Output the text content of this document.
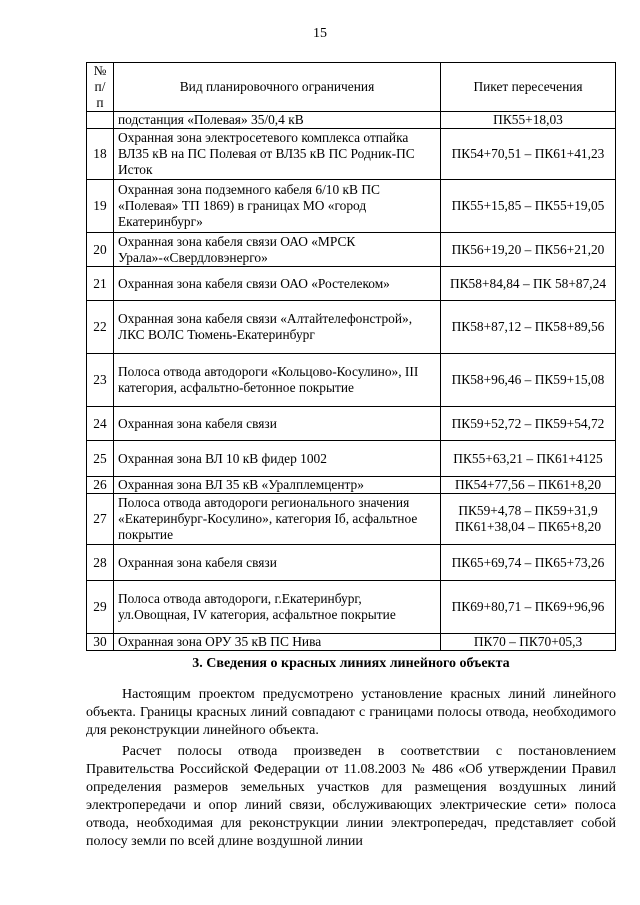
15
№ п/п	Вид планировочного ограничения	Пикет пересечения
	подстанция «Полевая» 35/0,4 кВ	ПК55+18,03
18	Охранная зона электросетевого комплекса отпайка ВЛ35 кВ на ПС Полевая от ВЛ35 кВ ПС Родник-ПС Исток	ПК54+70,51 – ПК61+41,23
19	Охранная зона подземного кабеля 6/10 кВ ПС «Полевая» ТП 1869) в границах МО «город Екатеринбург»	ПК55+15,85 – ПК55+19,05
20	Охранная зона кабеля связи ОАО «МРСК Урала»-«Свердловэнерго»	ПК56+19,20 – ПК56+21,20
21	Охранная зона кабеля связи ОАО «Ростелеком»	ПК58+84,84 – ПК 58+87,24
22	Охранная зона кабеля связи «Алтайтелефонстрой», ЛКС ВОЛС Тюмень-Екатеринбург	ПК58+87,12 – ПК58+89,56
23	Полоса отвода автодороги «Кольцово-Косулино», III категория, асфальтно-бетонное покрытие	ПК58+96,46 – ПК59+15,08
24	Охранная зона кабеля связи	ПК59+52,72 – ПК59+54,72
25	Охранная зона ВЛ 10 кВ фидер 1002	ПК55+63,21 – ПК61+4125
26	Охранная зона ВЛ 35 кВ «Уралплемцентр»	ПК54+77,56 – ПК61+8,20
27	Полоса отвода автодороги регионального значения «Екатеринбург-Косулино», категория Iб, асфальтное покрытие	ПК59+4,78 – ПК59+31,9 ПК61+38,04 – ПК65+8,20
28	Охранная зона кабеля связи	ПК65+69,74 – ПК65+73,26
29	Полоса отвода автодороги, г.Екатеринбург, ул.Овощная, IV категория, асфальтное покрытие	ПК69+80,71 – ПК69+96,96
30	Охранная зона ОРУ 35 кВ ПС Нива	ПК70 – ПК70+05,3
3. Сведения о красных линиях линейного объекта

Настоящим проектом предусмотрено установление красных линий линейного объекта. Границы красных линий совпадают с границами полосы отвода, необходимого для реконструкции линейного объекта.

Расчет полосы отвода произведен в соответствии с постановлением Правительства Российской Федерации от 11.08.2003 № 486 «Об утверждении Правил определения размеров земельных участков для размещения воздушных линий электропередачи и опор линий связи, обслуживающих электрические сети» полоса отвода, необходимая для реконструкции линии электропередач, представляет собой полосу земли по всей длине воздушной линии
